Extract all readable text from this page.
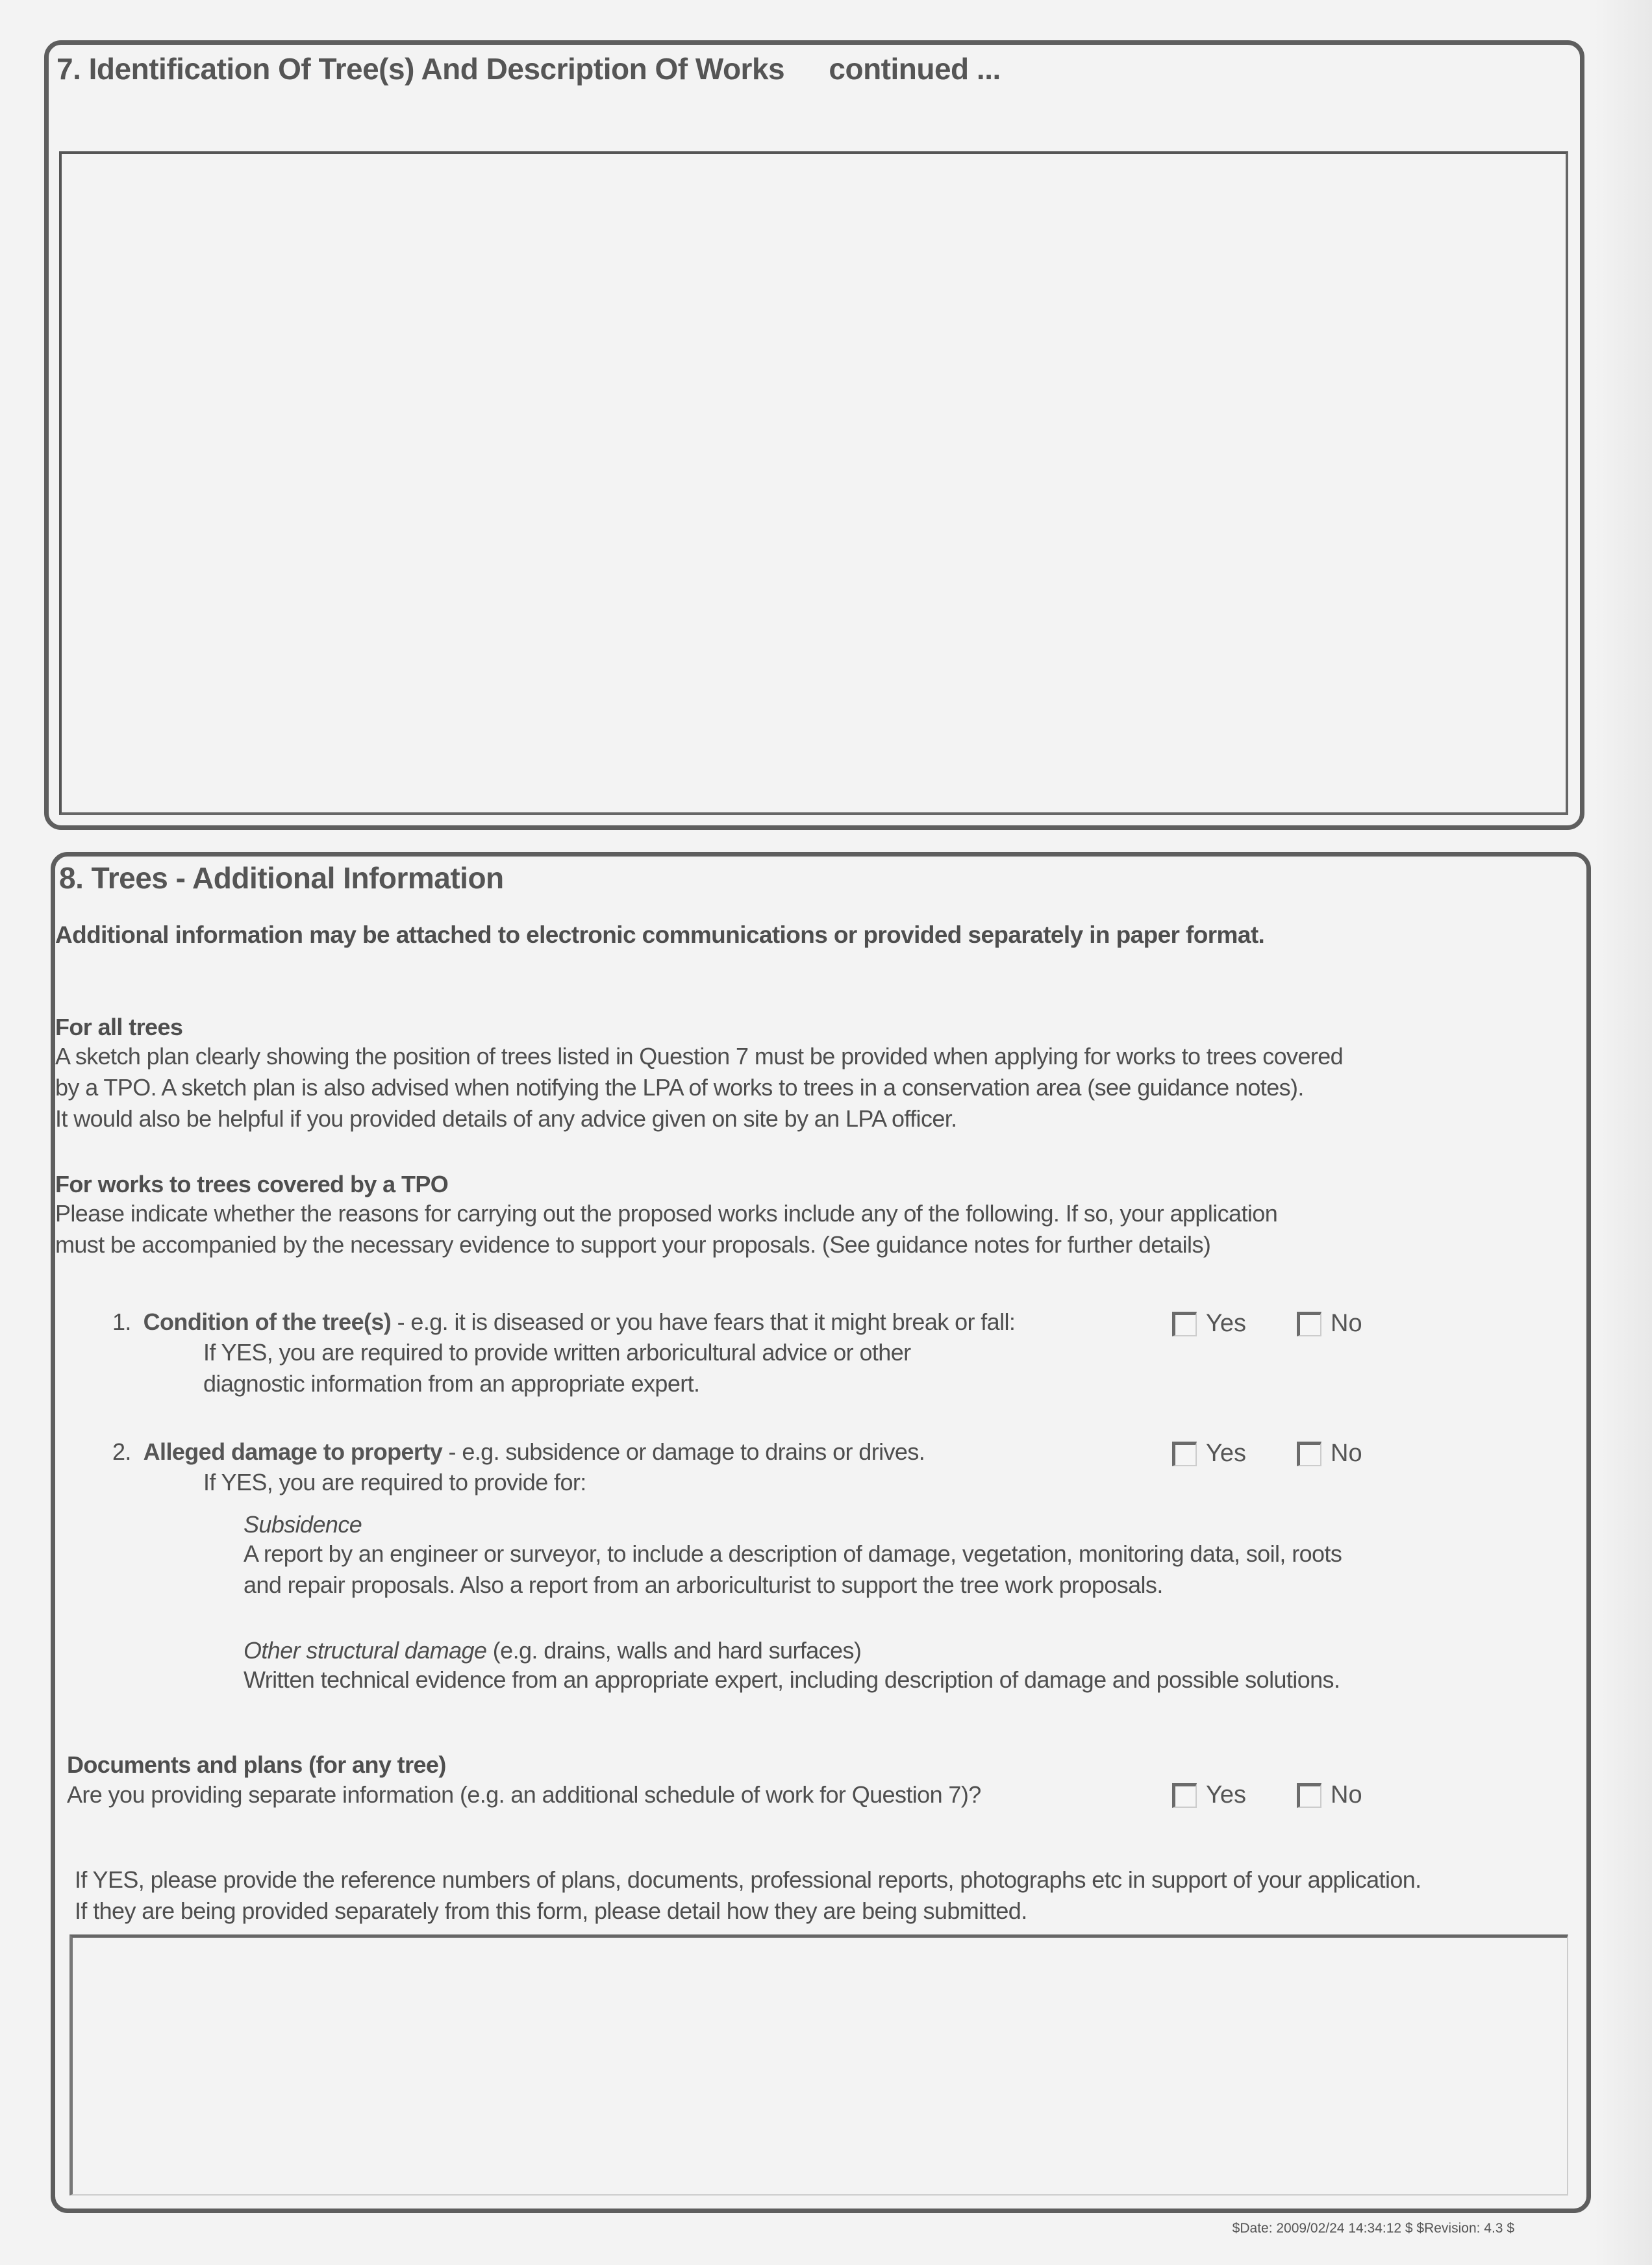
7. Identification Of Tree(s) And Description Of Works continued ...
8. Trees - Additional Information
Additional information may be attached to electronic communications or provided separately in paper format.
For all trees
A sketch plan clearly showing the position of trees listed in Question 7 must be provided when applying for works to trees covered
by a TPO. A sketch plan is also advised when notifying the LPA of works to trees in a conservation area (see guidance notes).
It would also be helpful if you provided details of any advice given on site by an LPA officer.
For works to trees covered by a TPO
Please indicate whether the reasons for carrying out the proposed works include any of the following. If so, your application
must be accompanied by the necessary evidence to support your proposals. (See guidance notes for further details)
1. Condition of the tree(s) - e.g. it is diseased or you have fears that it might break or fall:
If YES, you are required to provide written arboricultural advice or other
diagnostic information from an appropriate expert.
Yes	No
2. Alleged damage to property - e.g. subsidence or damage to drains or drives.
If YES, you are required to provide for:
Yes	No
Subsidence
A report by an engineer or surveyor, to include a description of damage, vegetation, monitoring data, soil, roots
and repair proposals. Also a report from an arboriculturist to support the tree work proposals.
Other structural damage (e.g. drains, walls and hard surfaces)
Written technical evidence from an appropriate expert, including description of damage and possible solutions.
Documents and plans (for any tree)
Are you providing separate information (e.g. an additional schedule of work for Question 7)?	Yes	No
If YES, please provide the reference numbers of plans, documents, professional reports, photographs etc in support of your application.
If they are being provided separately from this form, please detail how they are being submitted.
$Date: 2009/02/24 14:34:12 $ $Revision: 4.3 $
